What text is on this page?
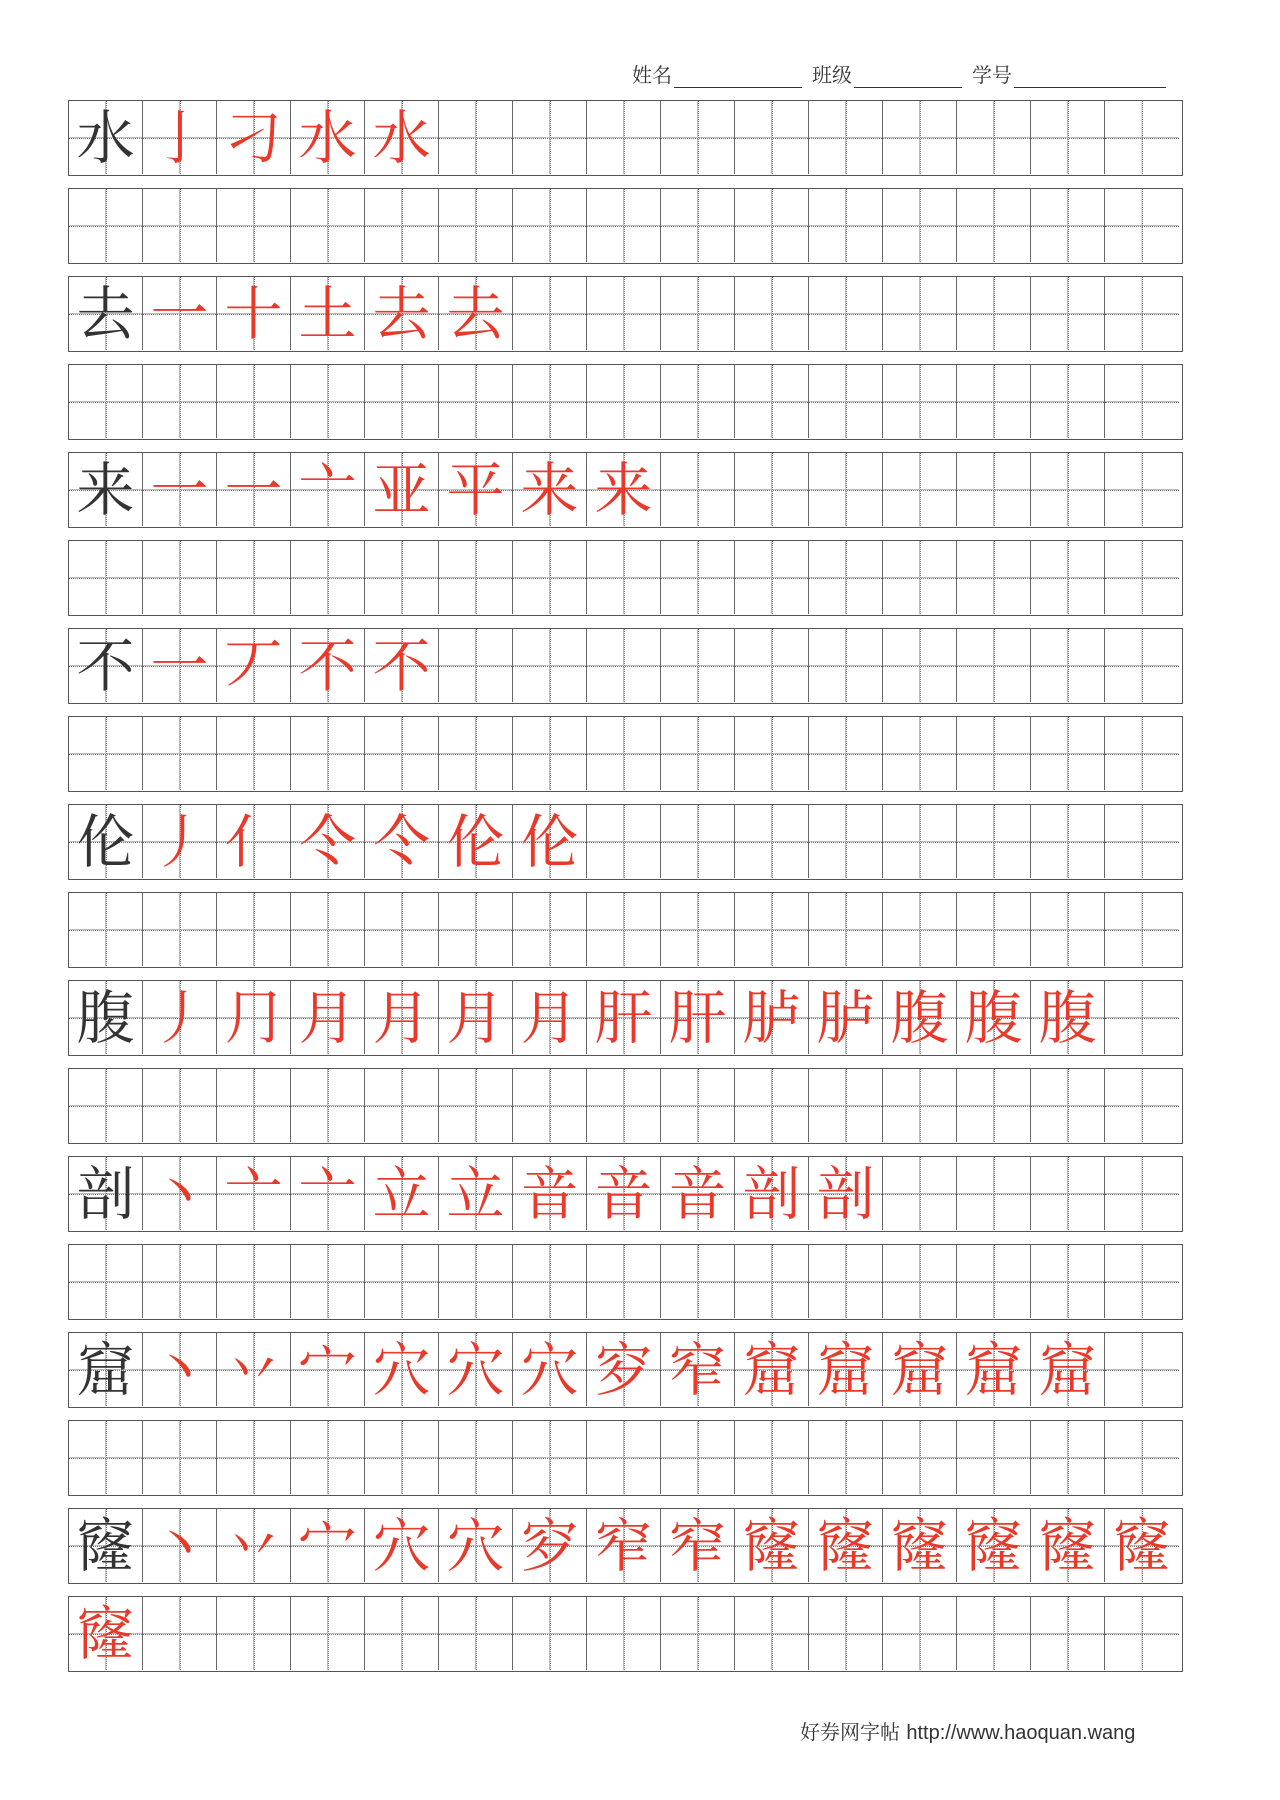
姓名	班级	学号
水 亅 刁 水 水
去 一 十 土 去 去
来 一 一 亠 亚 平 来 来
不 一 丆 不 不
伦 丿 亻 仒 仒 伦 伦
腹 丿 ⺆ 月 月 月 月 肝 肝 胪 胪 腹 腹 腹
剖 丶 亠 亠 立 立 音 音 音 剖 剖
窟 丶 丷 宀 穴 穴 穴 穸 窄 窟 窟 窟 窟 窟
窿 丶 丷 宀 穴 穴 穸 窄 窄 窿 窿 窿 窿 窿 窿
窿
好券网字帖 http://www.haoquan.wang
